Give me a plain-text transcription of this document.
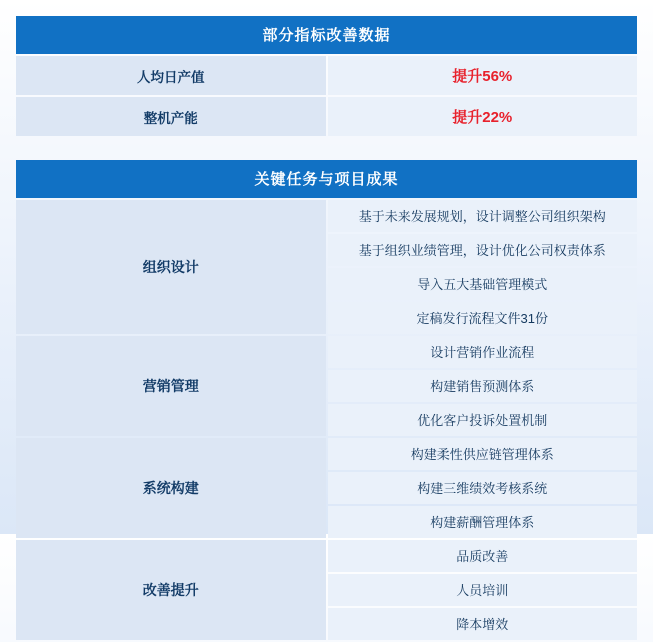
部分指标改善数据	
人均日产值	提升56%
整机产能	提升22%
关键任务与项目成果	
组织设计	基于未来发展规划，设计调整公司组织架构
	基于组织业绩管理，设计优化公司权责体系
	导入五大基础管理模式
	定稿发行流程文件31份
营销管理	设计营销作业流程
	构建销售预测体系
	优化客户投诉处置机制
系统构建	构建柔性供应链管理体系
	构建三维绩效考核系统
	构建薪酬管理体系
改善提升	品质改善
	人员培训
	降本增效
